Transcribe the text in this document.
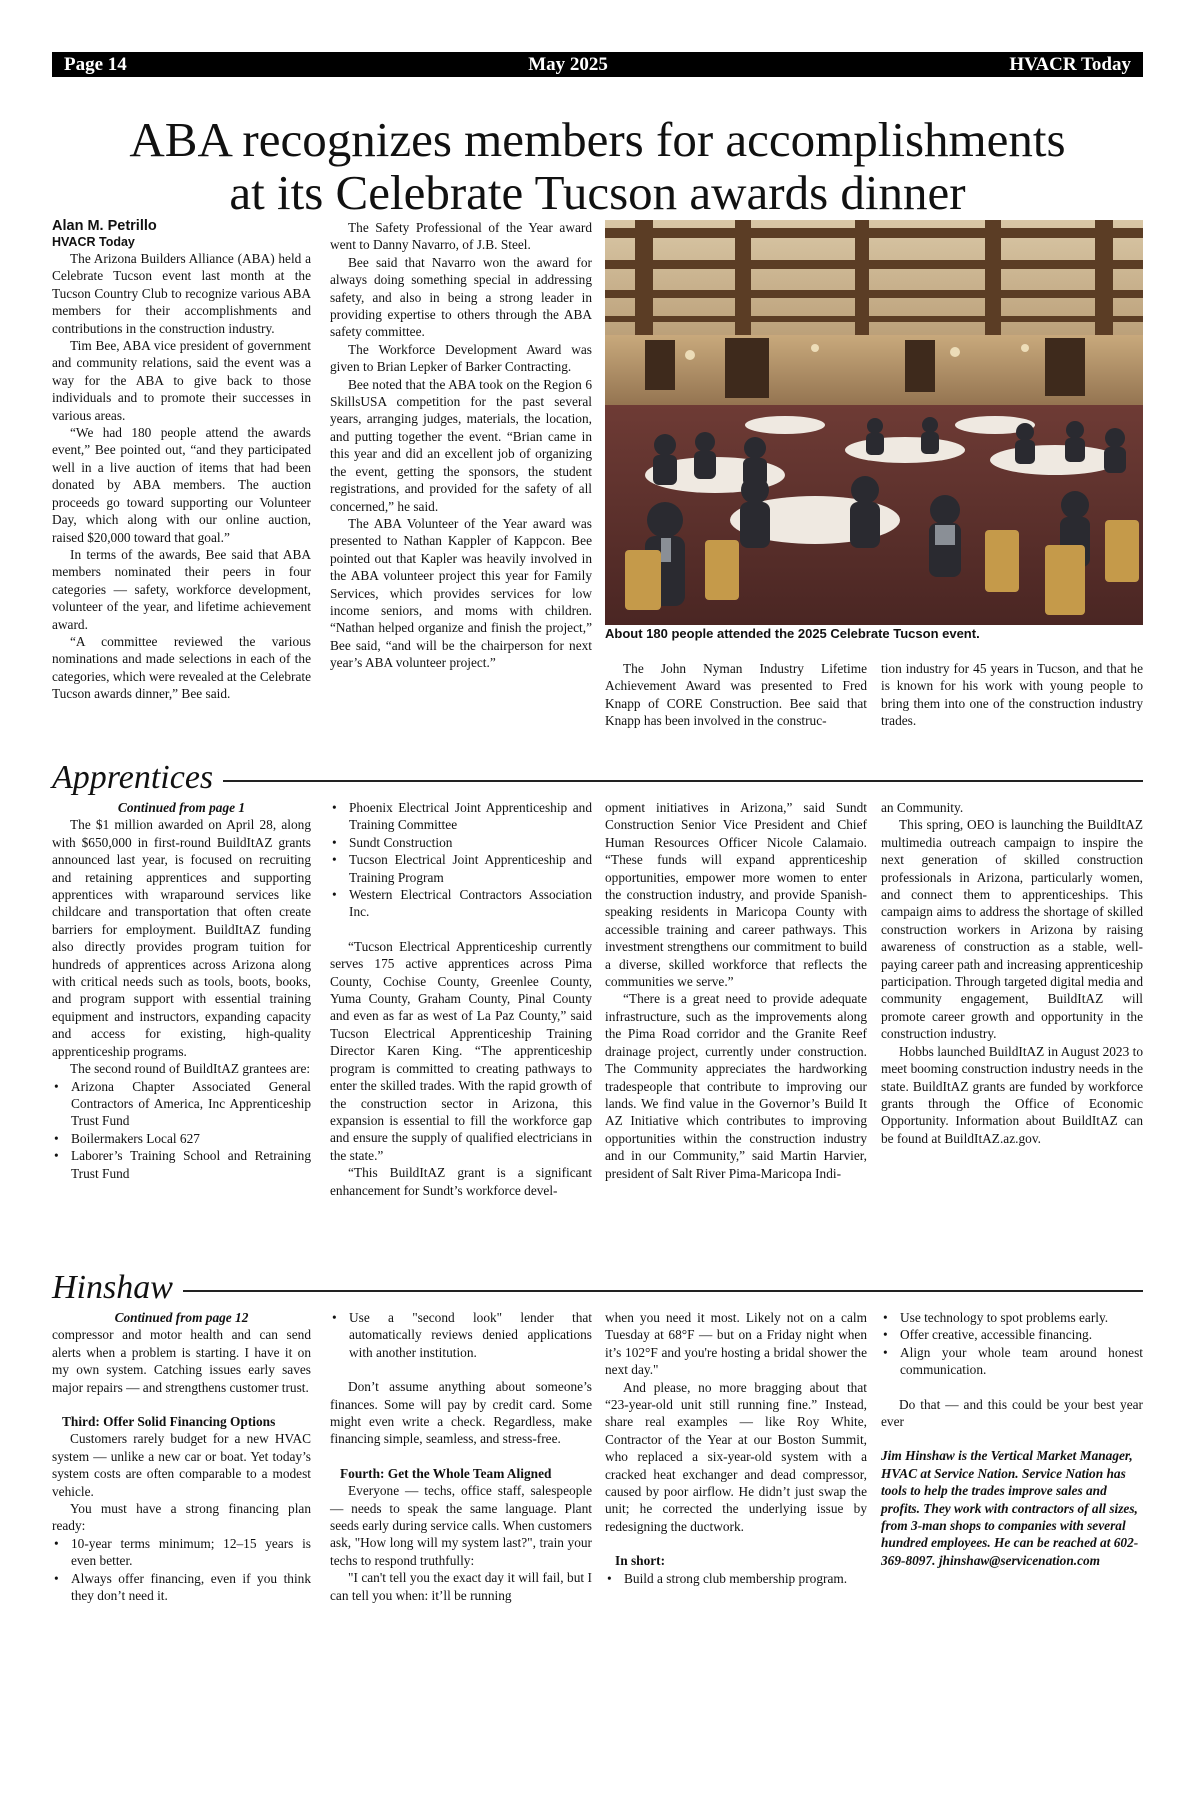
Page 14	May 2025	HVACR Today
ABA recognizes members for accomplishments
at its Celebrate Tucson awards dinner
Alan M. Petrillo
HVACR Today

The Arizona Builders Alliance (ABA) held a Celebrate Tucson event last month at the Tucson Country Club to recognize various ABA members for their accomplishments and contributions in the construction industry.

Tim Bee, ABA vice president of government and community relations, said the event was a way for the ABA to give back to those individuals and to promote their successes in various areas.

“We had 180 people attend the awards event,” Bee pointed out, “and they participated well in a live auction of items that had been donated by ABA members. The auction proceeds go toward supporting our Volunteer Day, which along with our online auction, raised $20,000 toward that goal.”

In terms of the awards, Bee said that ABA members nominated their peers in four categories — safety, workforce development, volunteer of the year, and lifetime achievement award.

“A committee reviewed the various nominations and made selections in each of the categories, which were revealed at the Celebrate Tucson awards dinner,” Bee said.

The Safety Professional of the Year award went to Danny Navarro, of J.B. Steel.

Bee said that Navarro won the award for always doing something special in addressing safety, and also in being a strong leader in providing expertise to others through the ABA safety committee.

The Workforce Development Award was given to Brian Lepker of Barker Contracting.

Bee noted that the ABA took on the Region 6 SkillsUSA competition for the past several years, arranging judges, materials, the location, and putting together the event. “Brian came in this year and did an excellent job of organizing the event, getting the sponsors, the student registrations, and provided for the safety of all concerned,” he said.

The ABA Volunteer of the Year award was presented to Nathan Kappler of Kappcon. Bee pointed out that Kapler was heavily involved in the ABA volunteer project this year for Family Services, which provides services for low income seniors, and moms with children. “Nathan helped organize and finish the project,” Bee said, “and will be the chairperson for next year’s ABA volunteer project.”

About 180 people attended the 2025 Celebrate Tucson event.

The John Nyman Industry Lifetime Achievement Award was presented to Fred Knapp of CORE Construction. Bee said that Knapp has been involved in the construc-

tion industry for 45 years in Tucson, and that he is known for his work with young people to bring them into one of the construction industry trades.

Apprentices

Continued from page 1

The $1 million awarded on April 28, along with $650,000 in first-round BuildItAZ grants announced last year, is focused on recruiting and retaining apprentices and supporting apprentices with wraparound services like childcare and transportation that often create barriers for employment. BuildItAZ funding also directly provides program tuition for hundreds of apprentices across Arizona along with critical needs such as tools, boots, books, and program support with essential training equipment and instructors, expanding capacity and access for existing, high-quality apprenticeship programs.

The second round of BuildItAZ grantees are:

• Arizona Chapter Associated General Contractors of America, Inc Apprenticeship Trust Fund
• Boilermakers Local 627
• Laborer’s Training School and Retraining Trust Fund
• Phoenix Electrical Joint Apprenticeship and Training Committee
• Sundt Construction
• Tucson Electrical Joint Apprenticeship and Training Program
• Western Electrical Contractors Association Inc.

“Tucson Electrical Apprenticeship currently serves 175 active apprentices across Pima County, Cochise County, Greenlee County, Yuma County, Graham County, Pinal County and even as far as west of La Paz County,” said Tucson Electrical Apprenticeship Training Director Karen King. “The apprenticeship program is committed to creating pathways to enter the skilled trades. With the rapid growth of the construction sector in Arizona, this expansion is essential to fill the workforce gap and ensure the supply of qualified electricians in the state.”

“This BuildItAZ grant is a significant enhancement for Sundt’s workforce devel-

opment initiatives in Arizona,” said Sundt Construction Senior Vice President and Chief Human Resources Officer Nicole Calamaio. “These funds will expand apprenticeship opportunities, empower more women to enter the construction industry, and provide Spanish-speaking residents in Maricopa County with accessible training and career pathways. This investment strengthens our commitment to build a diverse, skilled workforce that reflects the communities we serve.”

“There is a great need to provide adequate infrastructure, such as the improvements along the Pima Road corridor and the Granite Reef drainage project, currently under construction. The Community appreciates the hardworking tradespeople that contribute to improving our lands. We find value in the Governor’s Build It AZ Initiative which contributes to improving opportunities within the construction industry and in our Community,” said Martin Harvier, president of Salt River Pima-Maricopa Indi-

an Community.

This spring, OEO is launching the BuildItAZ multimedia outreach campaign to inspire the next generation of skilled construction professionals in Arizona, particularly women, and connect them to apprenticeships. This campaign aims to address the shortage of skilled construction workers in Arizona by raising awareness of construction as a stable, well-paying career path and increasing apprenticeship participation. Through targeted digital media and community engagement, BuildItAZ will promote career growth and opportunity in the construction industry.

Hobbs launched BuildItAZ in August 2023 to meet booming construction industry needs in the state. BuildItAZ grants are funded by workforce grants through the Office of Economic Opportunity. Information about BuildItAZ can be found at BuildItAZ.az.gov.

Hinshaw

Continued from page 12

compressor and motor health and can send alerts when a problem is starting. I have it on my own system. Catching issues early saves major repairs — and strengthens customer trust.

Third: Offer Solid Financing Options

Customers rarely budget for a new HVAC system — unlike a new car or boat. Yet today’s system costs are often comparable to a modest vehicle.

You must have a strong financing plan ready:

• 10-year terms minimum; 12–15 years is even better.
• Always offer financing, even if you think they don’t need it.
• Use a "second look" lender that automatically reviews denied applications with another institution.

Don’t assume anything about someone’s finances. Some will pay by credit card. Some might even write a check. Regardless, make financing simple, seamless, and stress-free.

Fourth: Get the Whole Team Aligned

Everyone — techs, office staff, salespeople — needs to speak the same language. Plant seeds early during service calls. When customers ask, "How long will my system last?", train your techs to respond truthfully:

"I can't tell you the exact day it will fail, but I can tell you when: it’ll be running

when you need it most. Likely not on a calm Tuesday at 68°F — but on a Friday night when it’s 102°F and you're hosting a bridal shower the next day."

And please, no more bragging about that “23-year-old unit still running fine.” Instead, share real examples — like Roy White, Contractor of the Year at our Boston Summit, who replaced a six-year-old system with a cracked heat exchanger and dead compressor, caused by poor airflow. He didn’t just swap the unit; he corrected the underlying issue by redesigning the ductwork.

In short:

• Build a strong club membership program.
• Use technology to spot problems early.
• Offer creative, accessible financing.
• Align your whole team around honest communication.

Do that — and this could be your best year ever

Jim Hinshaw is the Vertical Market Manager, HVAC at Service Nation. Service Nation has tools to help the trades improve sales and profits. They work with contractors of all sizes, from 3-man shops to companies with several hundred employees. He can be reached at 602-369-8097. jhinshaw@servicenation.com
